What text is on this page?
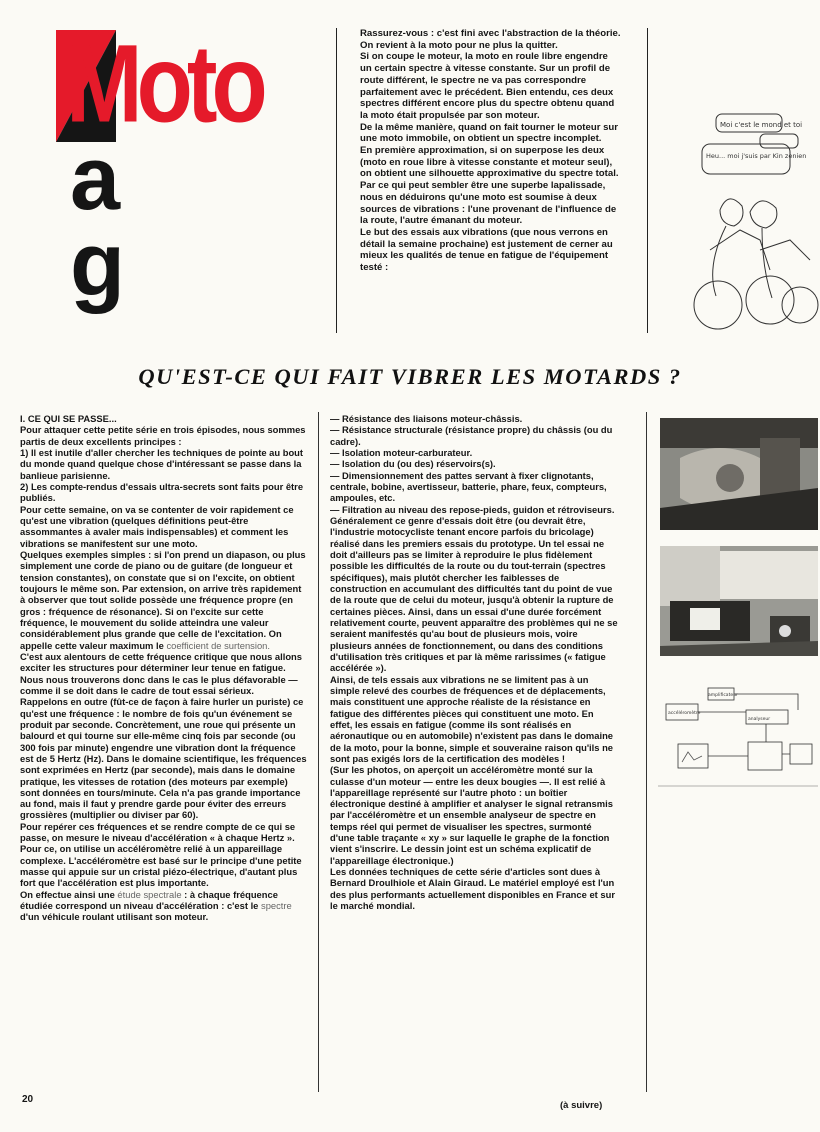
Moto
a
g

Rassurez-vous : c'est fini avec l'abstraction de la théorie. On revient à la moto pour ne plus la quitter.

Si on coupe le moteur, la moto en roule libre engendre un certain spectre à vitesse constante. Sur un profil de route différent, le spectre ne va pas correspondre parfaitement avec le précédent. Bien entendu, ces deux spectres différent encore plus du spectre obtenu quand la moto était propulsée par son moteur.

De la même manière, quand on fait tourner le moteur sur une moto immobile, on obtient un spectre incomplet.

En première approximation, si on superpose les deux (moto en roue libre à vitesse constante et moteur seul), on obtient une silhouette approximative du spectre total.

Par ce qui peut sembler être une superbe lapalissade, nous en déduirons qu'une moto est soumise à deux sources de vibrations : l'une provenant de l'influence de la route, l'autre émanant du moteur.

Le but des essais aux vibrations (que nous verrons en détail la semaine prochaine) est justement de cerner au mieux les qualités de tenue en fatigue de l'équipement testé :

Moi c'est le mond et toi
Heu... moi j'suis par Kin zenien
QU'EST-CE QUI FAIT VIBRER LES MOTARDS ?

I. CE QUI SE PASSE...

Pour attaquer cette petite série en trois épisodes, nous sommes partis de deux excellents principes :

1) Il est inutile d'aller chercher les techniques de pointe au bout du monde quand quelque chose d'intéressant se passe dans la banlieue parisienne.

2) Les compte-rendus d'essais ultra-secrets sont faits pour être publiés.

Pour cette semaine, on va se contenter de voir rapidement ce qu'est une vibration (quelques définitions peut-être assommantes à avaler mais indispensables) et comment les vibrations se manifestent sur une moto.

Quelques exemples simples : si l'on prend un diapason, ou plus simplement une corde de piano ou de guitare (de longueur et tension constantes), on constate que si on l'excite, on obtient toujours le même son. Par extension, on arrive très rapidement à observer que tout solide possède une fréquence propre (en gros : fréquence de résonance). Si on l'excite sur cette fréquence, le mouvement du solide atteindra une valeur considérablement plus grande que celle de l'excitation. On appelle cette valeur maximum le coefficient de surtension.

C'est aux alentours de cette fréquence critique que nous allons exciter les structures pour déterminer leur tenue en fatigue. Nous nous trouverons donc dans le cas le plus défavorable — comme il se doit dans le cadre de tout essai sérieux.

Rappelons en outre (fût-ce de façon à faire hurler un puriste) ce qu'est une fréquence : le nombre de fois qu'un événement se produit par seconde. Concrètement, une roue qui présente un balourd et qui tourne sur elle-même cinq fois par seconde (ou 300 fois par minute) engendre une vibration dont la fréquence est de 5 Hertz (Hz). Dans le domaine scientifique, les fréquences sont exprimées en Hertz (par seconde), mais dans le domaine pratique, les vitesses de rotation (des moteurs par exemple) sont données en tours/minute. Cela n'a pas grande importance au fond, mais il faut y prendre garde pour éviter des erreurs grossières (multiplier ou diviser par 60).

Pour repérer ces fréquences et se rendre compte de ce qui se passe, on mesure le niveau d'accélération « à chaque Hertz ». Pour ce, on utilise un accéléromètre relié à un appareillage complexe. L'accéléromètre est basé sur le principe d'une petite masse qui appuie sur un cristal piézo-électrique, d'autant plus fort que l'accélération est plus importante.

On effectue ainsi une étude spectrale : à chaque fréquence étudiée correspond un niveau d'accélération : c'est le spectre d'un véhicule roulant utilisant son moteur.

— Résistance des liaisons moteur-châssis.

— Résistance structurale (résistance propre) du châssis (ou du cadre).

— Isolation moteur-carburateur.

— Isolation du (ou des) réservoirs(s).

— Dimensionnement des pattes servant à fixer clignotants, centrale, bobine, avertisseur, batterie, phare, feux, compteurs, ampoules, etc.

— Filtration au niveau des repose-pieds, guidon et rétroviseurs.

Généralement ce genre d'essais doit être (ou devrait être, l'industrie motocycliste tenant encore parfois du bricolage) réalisé dans les premiers essais du prototype. Un tel essai ne doit d'ailleurs pas se limiter à reproduire le plus fidèlement possible les difficultés de la route ou du tout-terrain (spectres spécifiques), mais plutôt chercher les faiblesses de construction en accumulant des difficultés tant du point de vue de la route que de celui du moteur, jusqu'à obtenir la rupture de certaines pièces. Ainsi, dans un essai d'une durée forcément relativement courte, peuvent apparaître des problèmes qui ne se seraient manifestés qu'au bout de plusieurs mois, voire plusieurs années de fonctionnement, ou dans des conditions d'utilisation très critiques et par là même rarissimes (« fatigue accélérée »).

Ainsi, de tels essais aux vibrations ne se limitent pas à un simple relevé des courbes de fréquences et de déplacements, mais constituent une approche réaliste de la résistance en fatigue des différentes pièces qui constituent une moto. En effet, les essais en fatigue (comme ils sont réalisés en aéronautique ou en automobile) n'existent pas dans le domaine de la moto, pour la bonne, simple et souveraine raison qu'ils ne sont pas exigés lors de la certification des modèles !

(Sur les photos, on aperçoit un accéléromètre monté sur la culasse d'un moteur — entre les deux bougies —. Il est relié à l'appareillage représenté sur l'autre photo : un boîtier électronique destiné à amplifier et analyser le signal retransmis par l'accéléromètre et un ensemble analyseur de spectre en temps réel qui permet de visualiser les spectres, surmonté d'une table traçante « xy » sur laquelle le graphe de la fonction vient s'inscrire. Le dessin joint est un schéma explicatif de l'appareillage électronique.)

Les données techniques de cette série d'articles sont dues à Bernard Droulhiole et Alain Giraud. Le matériel employé est l'un des plus performants actuellement disponibles en France et sur le marché mondial.

accéléromètre
analyseur
amplificateur
20
(à suivre)
